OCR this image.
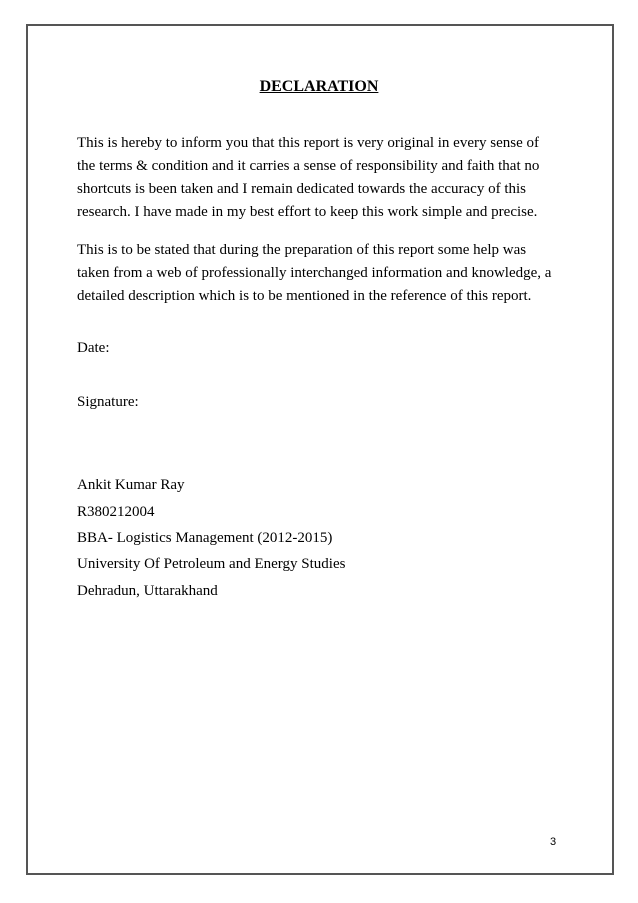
DECLARATION
This is hereby to inform you that this report is very original in every sense of
the terms & condition and it carries a sense of responsibility and faith that no
shortcuts is been taken and I remain dedicated towards the accuracy of this
research. I have made in my best effort to keep this work simple and precise.
This is to be stated that during the preparation of this report some help was
taken from a web of professionally interchanged information and knowledge, a
detailed description which is to be mentioned in the reference of this report.
Date:
Signature:
Ankit Kumar Ray
R380212004
BBA- Logistics Management (2012-2015)
University Of Petroleum and Energy Studies
Dehradun, Uttarakhand
3
